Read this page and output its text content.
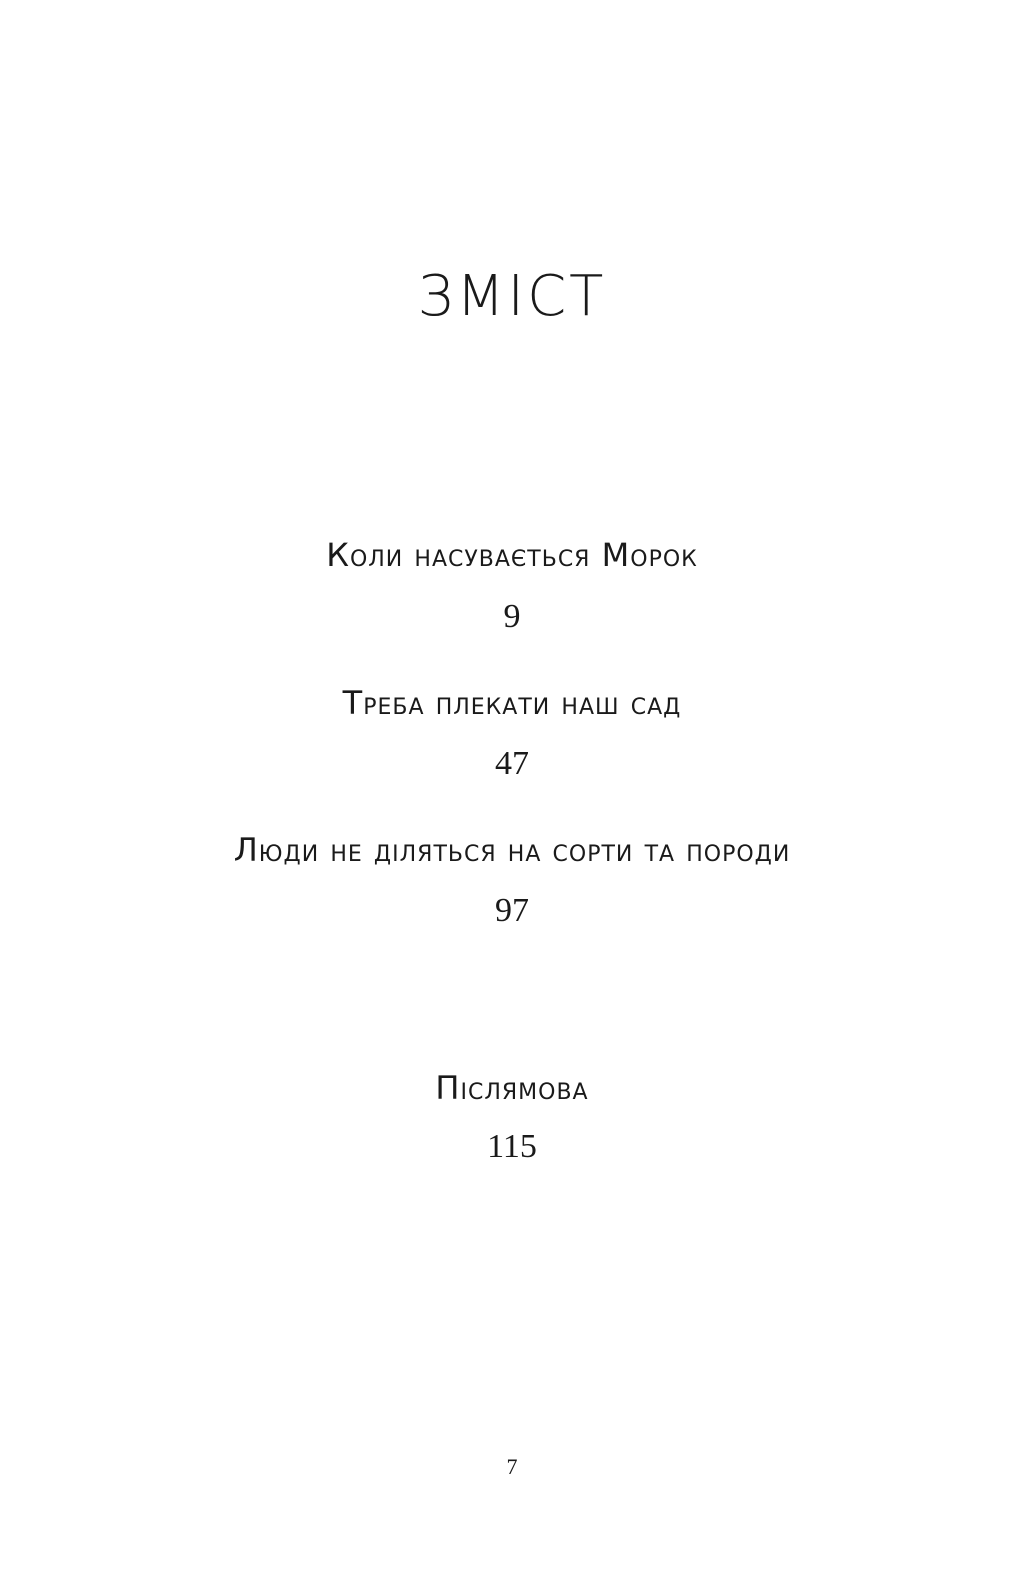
ЗМІСТ
Коли насувається Морок
9
Треба плекати наш сад
47
Люди не діляться на сорти та породи
97
Післямова
115
7
